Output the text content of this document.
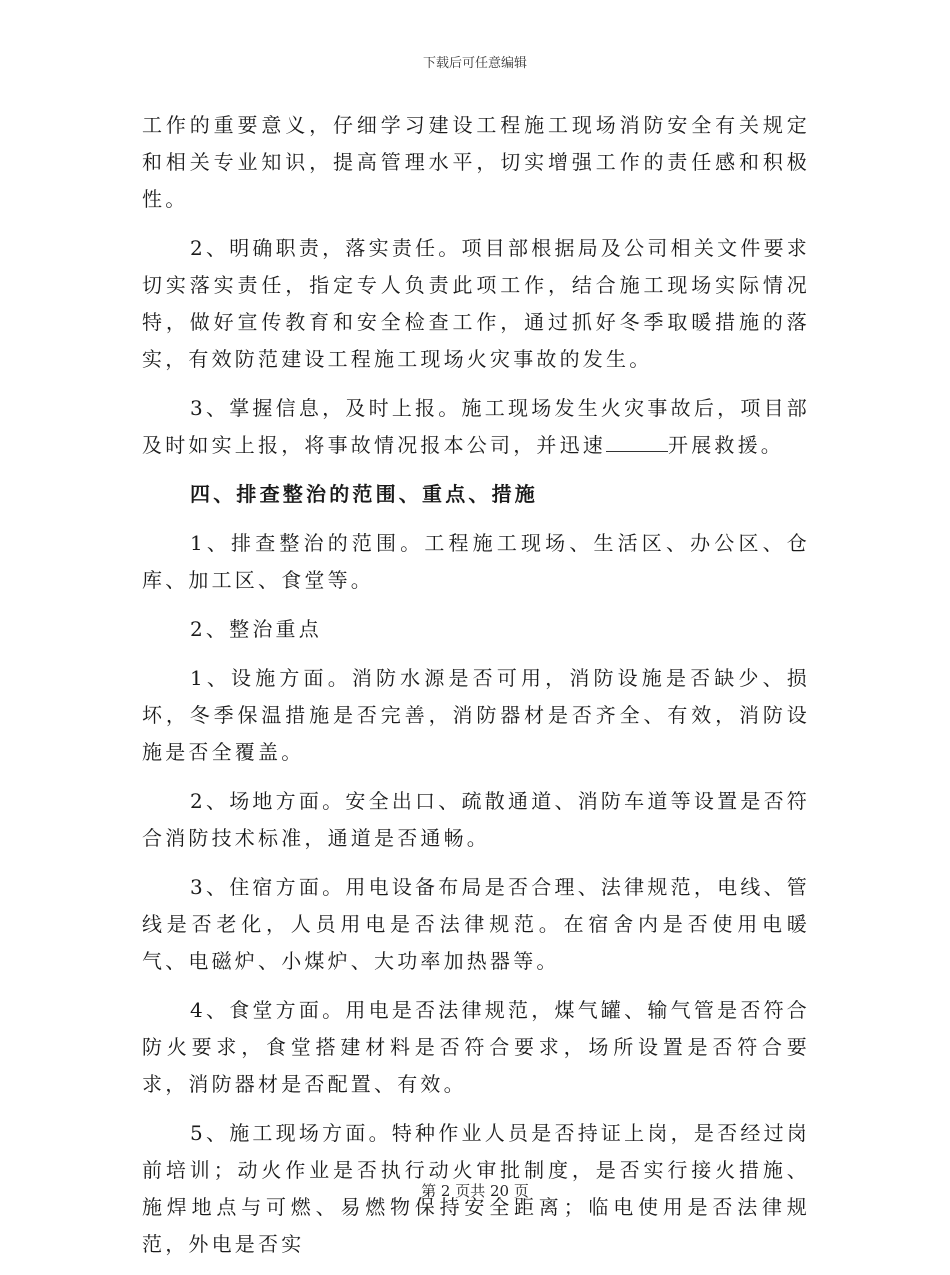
下载后可任意编辑

工作的重要意义，仔细学习建设工程施工现场消防安全有关规定和相关专业知识，提高管理水平，切实增强工作的责任感和积极性。

2、明确职责，落实责任。项目部根据局及公司相关文件要求切实落实责任，指定专人负责此项工作，结合施工现场实际情况特，做好宣传教育和安全检查工作，通过抓好冬季取暖措施的落实，有效防范建设工程施工现场火灾事故的发生。

3、掌握信息，及时上报。施工现场发生火灾事故后，项目部及时如实上报，将事故情况报本公司，并迅速	开展救援。

四、排查整治的范围、重点、措施

1、排查整治的范围。工程施工现场、生活区、办公区、仓库、加工区、食堂等。

2、整治重点

1、设施方面。消防水源是否可用，消防设施是否缺少、损坏，冬季保温措施是否完善，消防器材是否齐全、有效，消防设施是否全覆盖。

2、场地方面。安全出口、疏散通道、消防车道等设置是否符合消防技术标准，通道是否通畅。

3、住宿方面。用电设备布局是否合理、法律规范，电线、管线是否老化，人员用电是否法律规范。在宿舍内是否使用电暖气、电磁炉、小煤炉、大功率加热器等。

4、食堂方面。用电是否法律规范，煤气罐、输气管是否符合防火要求，食堂搭建材料是否符合要求，场所设置是否符合要求，消防器材是否配置、有效。

5、施工现场方面。特种作业人员是否持证上岗，是否经过岗前培训；动火作业是否执行动火审批制度，是否实行接火措施、施焊地点与可燃、易燃物保持安全距离；临电使用是否法律规范，外电是否实

第 2 页共 20 页
